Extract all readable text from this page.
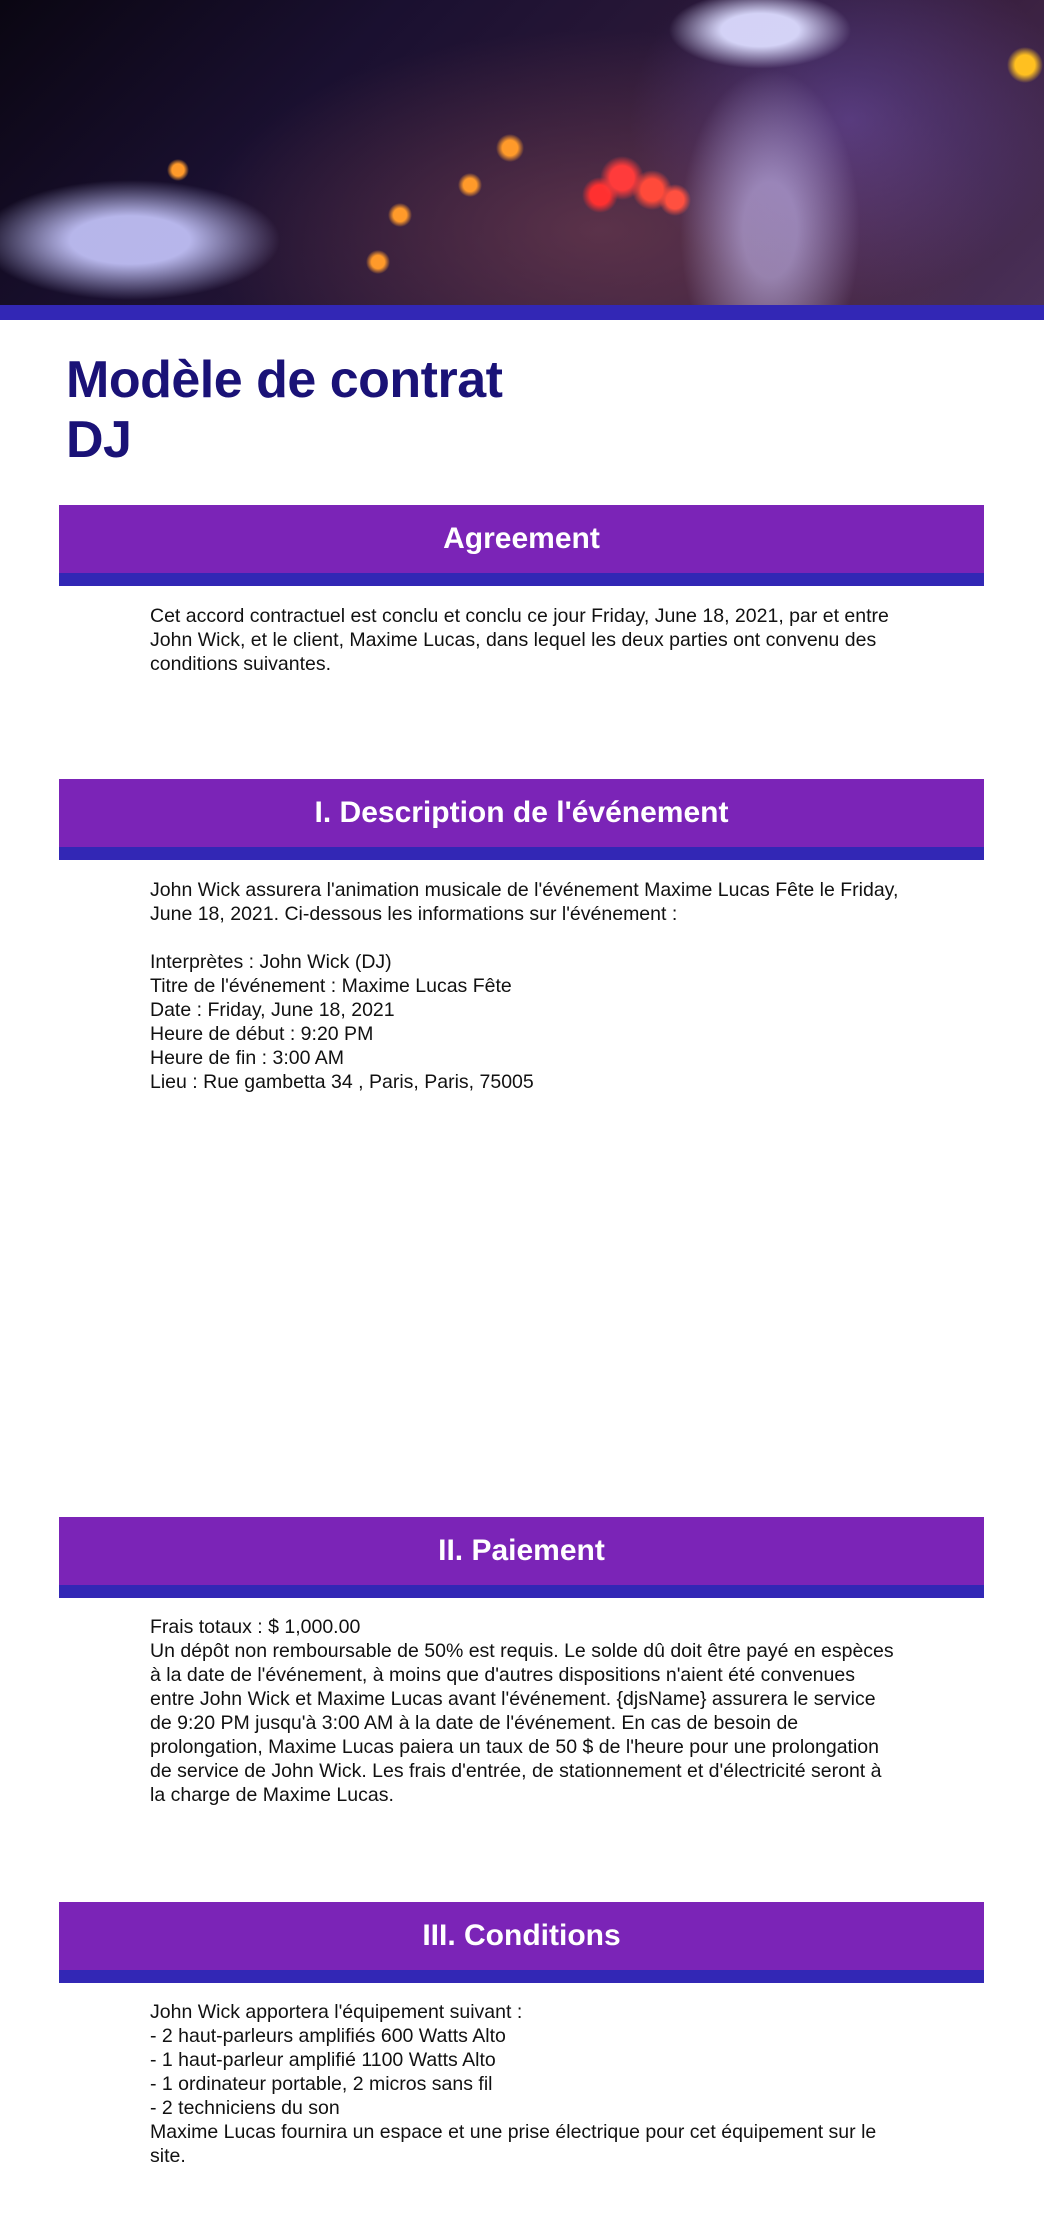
Modèle de contrat
DJ
Agreement

Cet accord contractuel est conclu et conclu ce jour Friday, June 18, 2021, par et entre John Wick, et le client, Maxime Lucas, dans lequel les deux parties ont convenu des conditions suivantes.

I. Description de l'événement

John Wick assurera l'animation musicale de l'événement Maxime Lucas Fête le Friday, June 18, 2021. Ci-dessous les informations sur l'événement :

Interprètes : John Wick (DJ)

Titre de l'événement : Maxime Lucas Fête

Date : Friday, June 18, 2021

Heure de début : 9:20 PM

Heure de fin : 3:00 AM

Lieu : Rue gambetta 34 , Paris, Paris, 75005

II. Paiement

Frais totaux : $ 1,000.00

Un dépôt non remboursable de 50% est requis. Le solde dû doit être payé en espèces à la date de l'événement, à moins que d'autres dispositions n'aient été convenues entre John Wick et Maxime Lucas avant l'événement. {djsName} assurera le service de 9:20 PM jusqu'à 3:00 AM à la date de l'événement. En cas de besoin de prolongation, Maxime Lucas paiera un taux de 50 $ de l'heure pour une prolongation de service de John Wick. Les frais d'entrée, de stationnement et d'électricité seront à la charge de Maxime Lucas.

III. Conditions

John Wick apportera l'équipement suivant :

- 2 haut-parleurs amplifiés 600 Watts Alto

- 1 haut-parleur amplifié 1100 Watts Alto

- 1 ordinateur portable, 2 micros sans fil

- 2 techniciens du son

Maxime Lucas fournira un espace et une prise électrique pour cet équipement sur le site.
